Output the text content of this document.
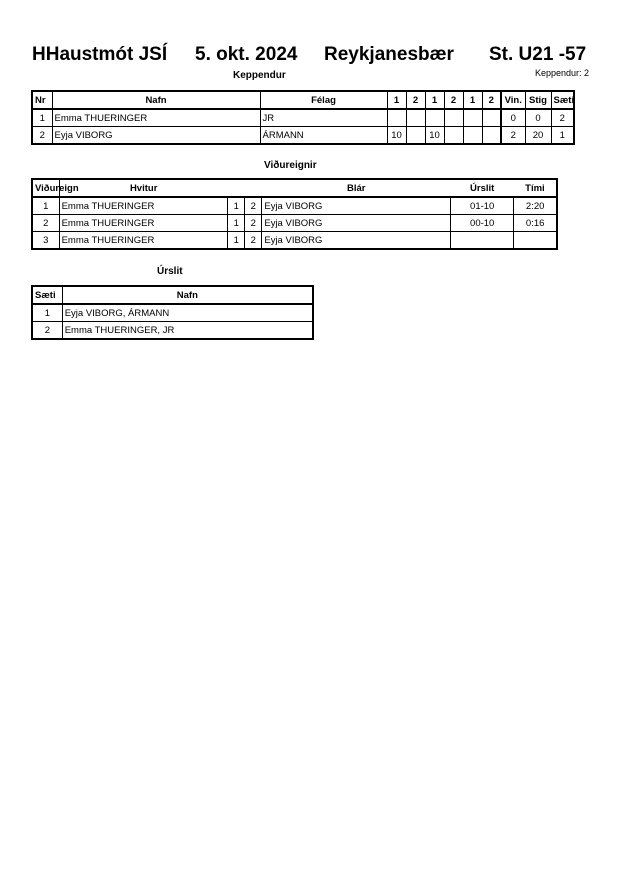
HHaustmót JSÍ 5. okt. 2024 Reykjanesbær St. U21 -57
Keppendur	Keppendur: 2
Nr	Nafn	Félag	1	2	1	2	1	2	Vin.	Stig	Sæti
1	Emma THUERINGER	JR							0	0	2
2	Eyja VIBORG	ÁRMANN	10		10				2	20	1
Viðureignir
Viðureign	Hvitur			Blár	Úrslit	Tími
1	Emma THUERINGER	1	2	Eyja VIBORG	01-10	2:20
2	Emma THUERINGER	1	2	Eyja VIBORG	00-10	0:16
3	Emma THUERINGER	1	2	Eyja VIBORG		
Úrslit
Sæti	Nafn
1	Eyja VIBORG, ÁRMANN
2	Emma THUERINGER, JR
